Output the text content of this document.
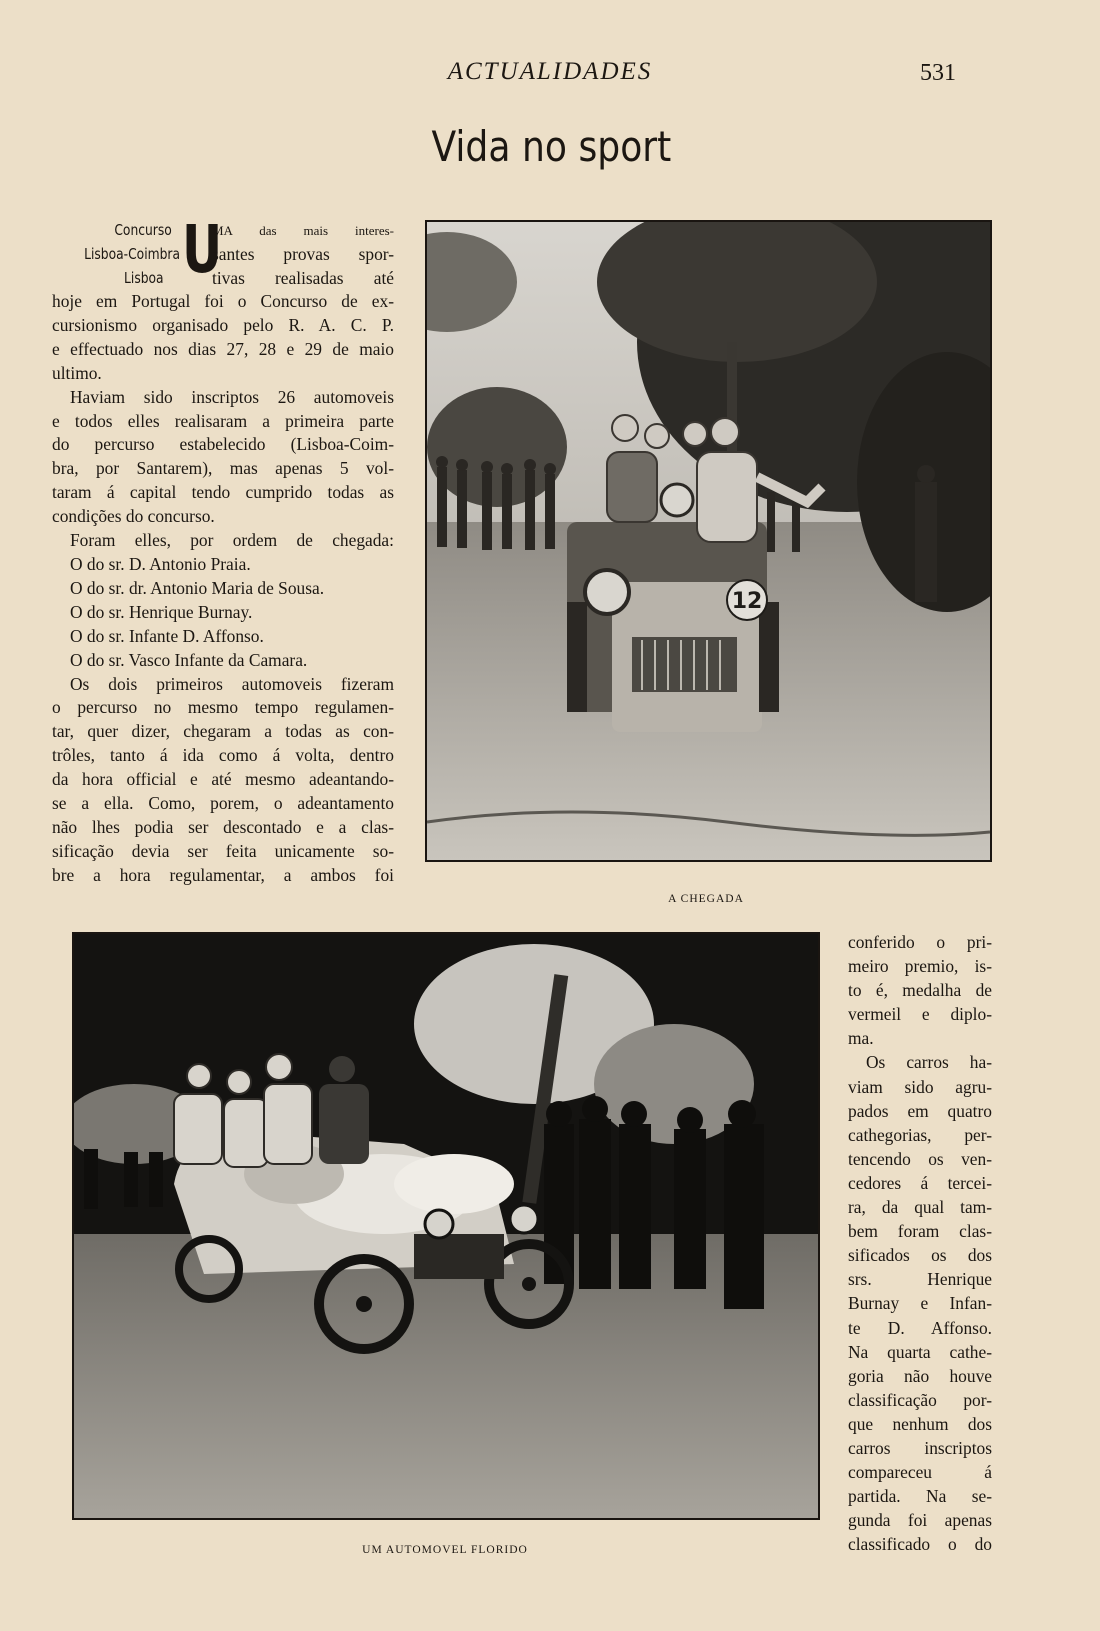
ACTUALIDADES	531
Vida no sport
Concurso
Lisboa-Coimbra
Lisboa U
MA das mais interes-
santes provas spor-
tivas realisadas até

hoje em Portugal foi o Concurso de ex-

cursionismo organisado pelo R. A. C. P.

e effectuado nos dias 27, 28 e 29 de maio

ultimo.

Haviam sido inscriptos 26 automoveis

e todos elles realisaram a primeira parte

do percurso estabelecido (Lisboa-Coim-

bra, por Santarem), mas apenas 5 vol-

taram á capital tendo cumprido todas as

condições do concurso.

Foram elles, por ordem de chegada:

O do sr. D. Antonio Praia.

O do sr. dr. Antonio Maria de Sousa.

O do sr. Henrique Burnay.

O do sr. Infante D. Affonso.

O do sr. Vasco Infante da Camara.

Os dois primeiros automoveis fizeram

o percurso no mesmo tempo regulamen-

tar, quer dizer, chegaram a todas as con-

trôles, tanto á ida como á volta, dentro

da hora official e até mesmo adeantando-

se a ella. Como, porem, o adeantamento

não lhes podia ser descontado e a clas-

sificação devia ser feita unicamente so-

bre a hora regulamentar, a ambos foi

12
A CHEGADA
UM AUTOMOVEL FLORIDO

conferido o pri-

meiro premio, is-

to é, medalha de

vermeil e diplo-

ma.

Os carros ha-

viam sido agru-

pados em quatro

cathegorias, per-

tencendo os ven-

cedores á tercei-

ra, da qual tam-

bem foram clas-

sificados os dos

srs. Henrique

Burnay e Infan-

te D. Affonso.

Na quarta cathe-

goria não houve

classificação por-

que nenhum dos

carros inscriptos

compareceu á

partida. Na se-

gunda foi apenas

classificado o do
